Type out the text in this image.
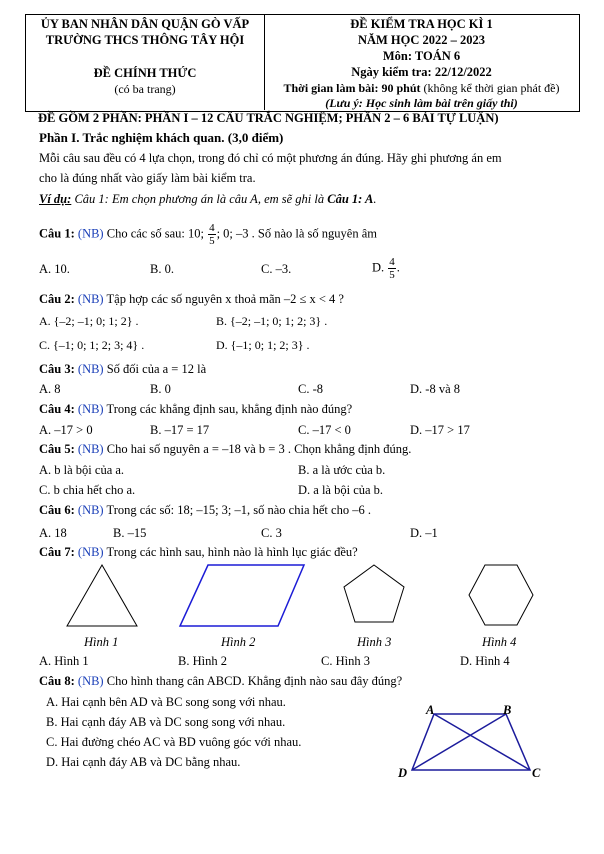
ỦY BAN NHÂN DÂN QUẬN GÒ VẤP
TRƯỜNG THCS THÔNG TÂY HỘI
ĐỀ CHÍNH THỨC
(có ba trang)
ĐỀ KIỂM TRA HỌC KÌ 1
NĂM HỌC 2022 – 2023
Môn: TOÁN 6
Ngày kiểm tra: 22/12/2022
Thời gian làm bài: 90 phút (không kể thời gian phát đề)
(Lưu ý: Học sinh làm bài trên giấy thi)
ĐỀ GỒM 2 PHẦN: PHẦN I – 12 CÂU TRẮC NGHIỆM; PHẦN 2 – 6 BÀI TỰ LUẬN)
Phần I. Trắc nghiệm khách quan. (3,0 điểm)
Mỗi câu sau đều có 4 lựa chọn, trong đó chỉ có một phương án đúng. Hãy ghi phương án em
cho là đúng nhất vào giấy làm bài kiểm tra.
Ví dụ: Câu 1: Em chọn phương án là câu A, em sẽ ghi là Câu 1: A.
Câu 1: (NB) Cho các số sau: 10; $\frac{4}{5}$ ; 0; –3 . Số nào là số nguyên âm
A. 10.	B. 0.	C. –3.	D. $\frac{4}{5}$ .
Câu 2: (NB) Tập hợp các số nguyên x thoả mãn –2 ≤ x < 4 ?
A. {–2; –1; 0; 1; 2} .	B. {–2; –1; 0; 1; 2; 3} .
C. {–1; 0; 1; 2; 3; 4} .	D. {–1; 0; 1; 2; 3} .
Câu 3: (NB) Số đối của a = 12 là
A. 8	B. 0	C. -8	D. -8 và 8
Câu 4: (NB) Trong các khẳng định sau, khẳng định nào đúng?
A. –17 > 0	B. –17 = 17	C. –17 < 0	D. –17 > 17
Câu 5: (NB) Cho hai số nguyên a = –18 và b = 3 . Chọn khẳng định đúng.
A. b là bội của a.	B. a là ước của b.
C. b chia hết cho a.	D. a là bội của b.
Câu 6: (NB) Trong các số: 18; –15; 3; –1, số nào chia hết cho –6 .
A. 18	B. –15	C. 3	D. –1
Câu 7: (NB) Trong các hình sau, hình nào là hình lục giác đều?
Hình 1	Hình 2	Hình 3	Hình 4
A. Hình 1	B. Hình 2	C. Hình 3	D. Hình 4
Câu 8: (NB) Cho hình thang cân ABCD. Khẳng định nào sau đây đúng?
A. Hai cạnh bên AD và BC song song với nhau.
B. Hai cạnh đáy AB và DC song song với nhau.
C. Hai đường chéo AC và BD vuông góc với nhau.
D. Hai cạnh đáy AB và DC bằng nhau.
A	B
C
D
